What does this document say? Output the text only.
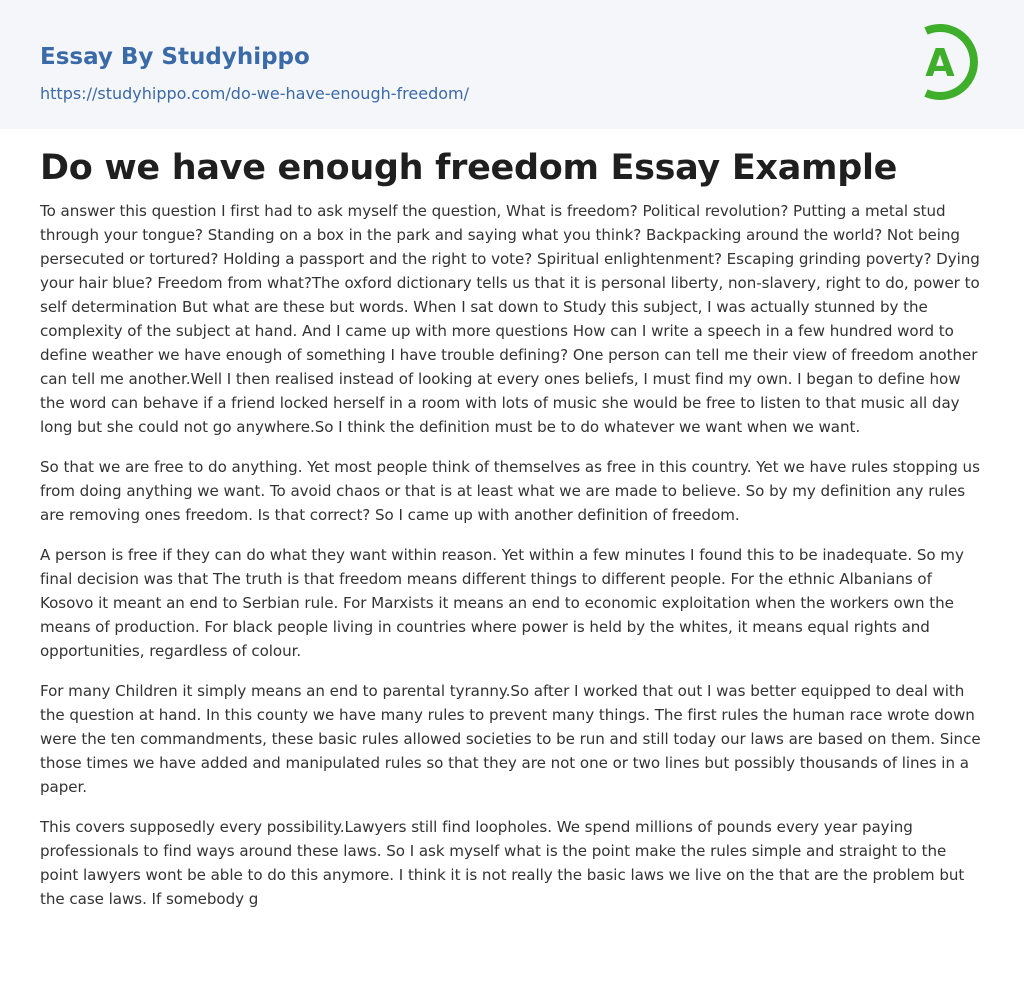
Essay By Studyhippo
https://studyhippo.com/do-we-have-enough-freedom/
A
Do we have enough freedom Essay Example

To answer this question I first had to ask myself the question, What is freedom? Political revolution? Putting a metal stud through your tongue? Standing on a box in the park and saying what you think? Backpacking around the world? Not being persecuted or tortured? Holding a passport and the right to vote? Spiritual enlightenment? Escaping grinding poverty? Dying your hair blue? Freedom from what?The oxford dictionary tells us that it is personal liberty, non-slavery, right to do, power to self determination But what are these but words. When I sat down to Study this subject, I was actually stunned by the complexity of the subject at hand. And I came up with more questions How can I write a speech in a few hundred word to define weather we have enough of something I have trouble defining? One person can tell me their view of freedom another can tell me another.Well I then realised instead of looking at every ones beliefs, I must find my own. I began to define how the word can behave if a friend locked herself in a room with lots of music she would be free to listen to that music all day long but she could not go anywhere.So I think the definition must be to do whatever we want when we want.

So that we are free to do anything. Yet most people think of themselves as free in this country. Yet we have rules stopping us from doing anything we want. To avoid chaos or that is at least what we are made to believe. So by my definition any rules are removing ones freedom. Is that correct? So I came up with another definition of freedom.

A person is free if they can do what they want within reason. Yet within a few minutes I found this to be inadequate. So my final decision was that The truth is that freedom means different things to different people. For the ethnic Albanians of Kosovo it meant an end to Serbian rule. For Marxists it means an end to economic exploitation when the workers own the means of production. For black people living in countries where power is held by the whites, it means equal rights and opportunities, regardless of colour.

For many Children it simply means an end to parental tyranny.So after I worked that out I was better equipped to deal with the question at hand. In this county we have many rules to prevent many things. The first rules the human race wrote down were the ten commandments, these basic rules allowed societies to be run and still today our laws are based on them. Since those times we have added and manipulated rules so that they are not one or two lines but possibly thousands of lines in a paper.

This covers supposedly every possibility.Lawyers still find loopholes. We spend millions of pounds every year paying professionals to find ways around these laws. So I ask myself what is the point make the rules simple and straight to the point lawyers wont be able to do this anymore. I think it is not really the basic laws we live on the that are the problem but the case laws. If somebody g
